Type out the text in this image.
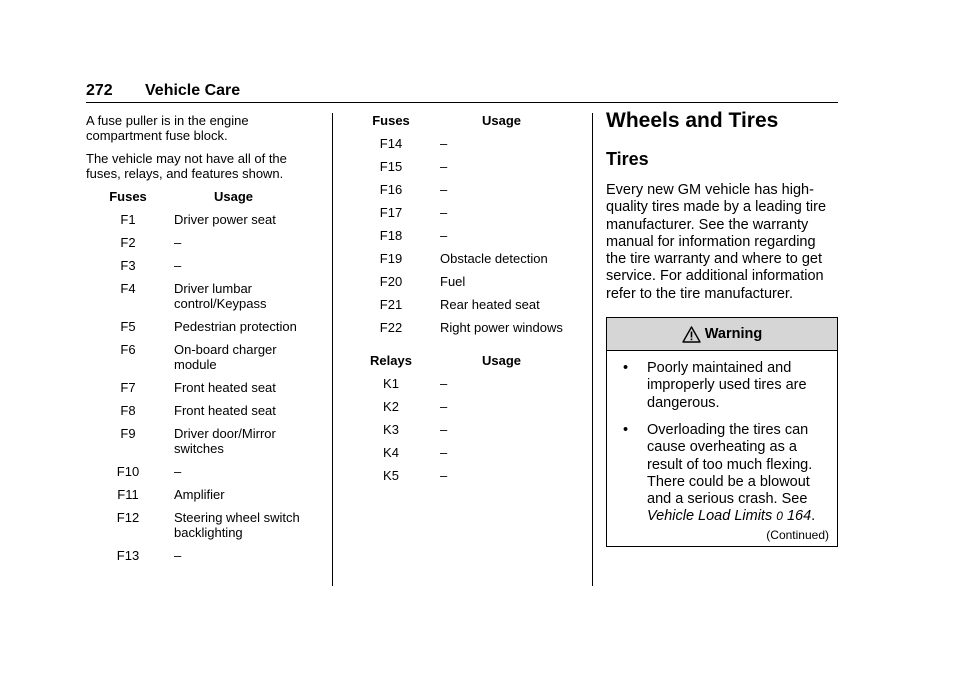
272 Vehicle Care

A fuse puller is in the engine compartment fuse block.

The vehicle may not have all of the fuses, relays, and features shown.

Fuses	Usage
F1	Driver power seat
F2	–
F3	–
F4	Driver lumbar control/Keypass
F5	Pedestrian protection
F6	On-board charger module
F7	Front heated seat
F8	Front heated seat
F9	Driver door/Mirror switches
F10	–
F11	Amplifier
F12	Steering wheel switch backlighting
F13	–
Fuses	Usage
F14	–
F15	–
F16	–
F17	–
F18	–
F19	Obstacle detection
F20	Fuel
F21	Rear heated seat
F22	Right power windows
Relays	Usage
K1	–
K2	–
K3	–
K4	–
K5	–
Wheels and Tires
Tires

Every new GM vehicle has high-quality tires made by a leading tire manufacturer. See the warranty manual for information regarding the tire warranty and where to get service. For additional information refer to the tire manufacturer.

Warning
•	Poorly maintained and improperly used tires are dangerous.
•	Overloading the tires can cause overheating as a result of too much flexing. There could be a blowout and a serious crash. See Vehicle Load Limits 0 164.
(Continued)
